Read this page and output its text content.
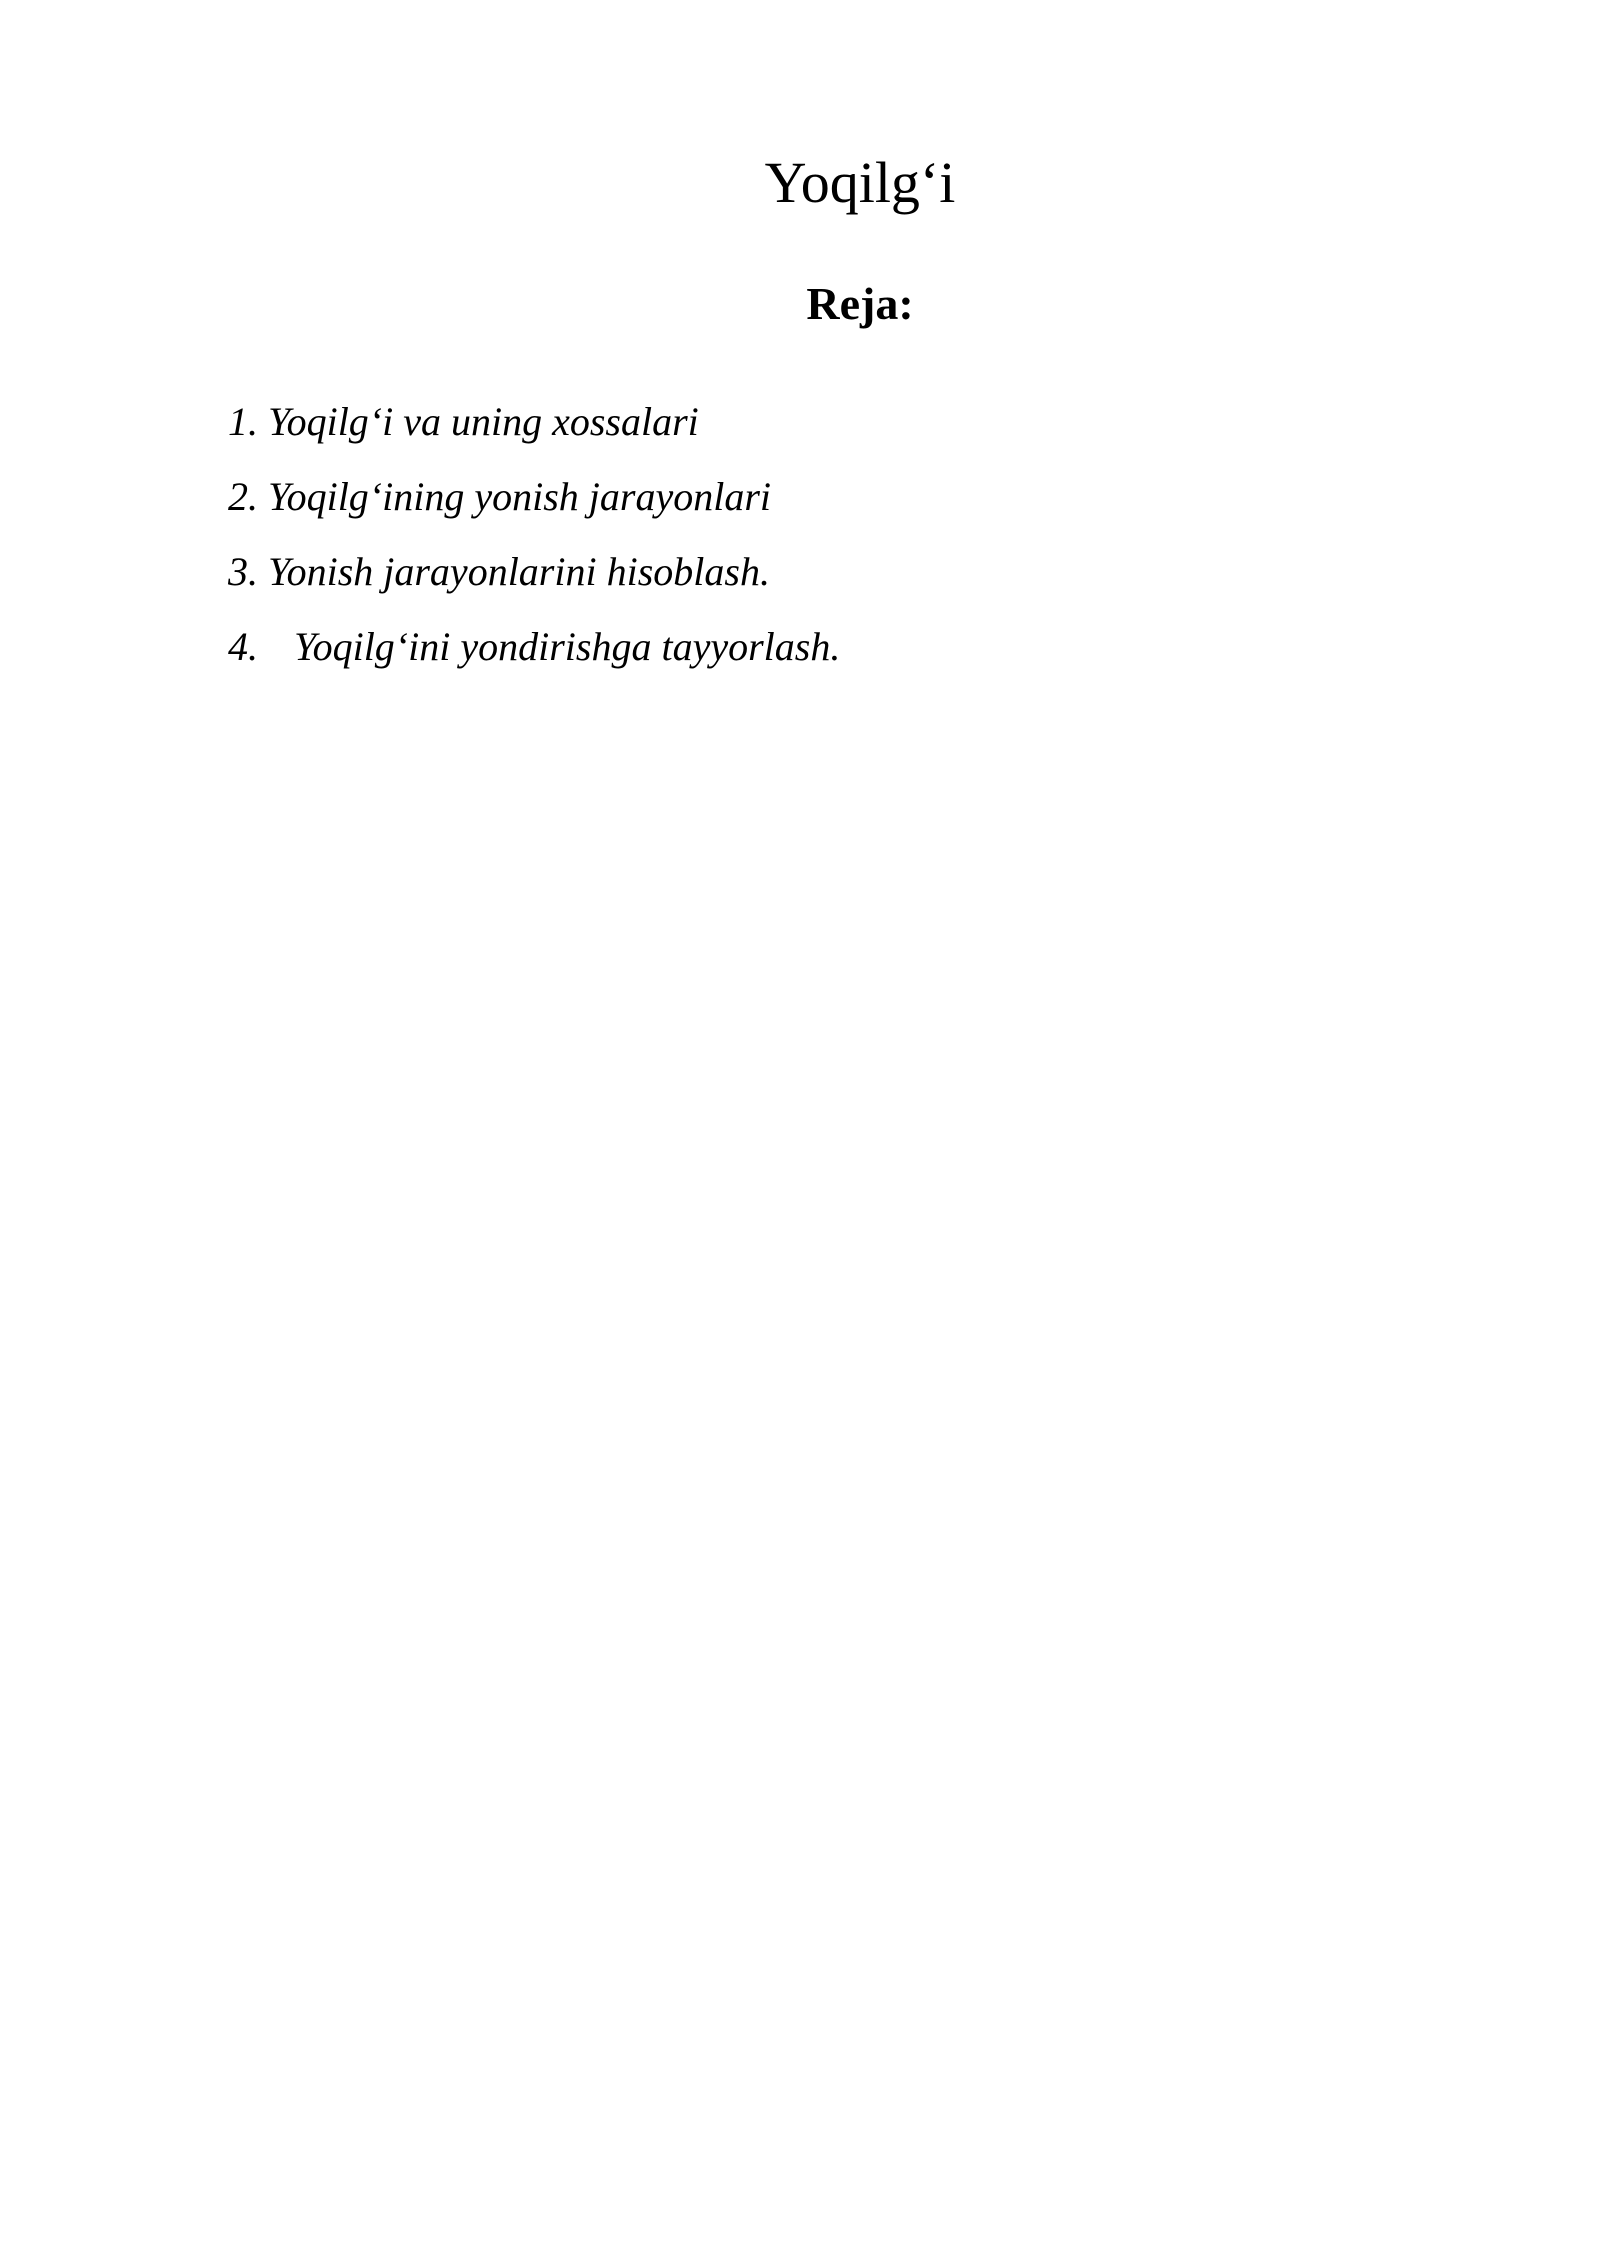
Yoqilg‘i
Reja:
1. Yoqilg‘i va uning xossalari
2. Yoqilg‘ining yonish jarayonlari
3. Yonish jarayonlarini hisoblash.
4. Yoqilg‘ini yondirishga tayyorlash.
